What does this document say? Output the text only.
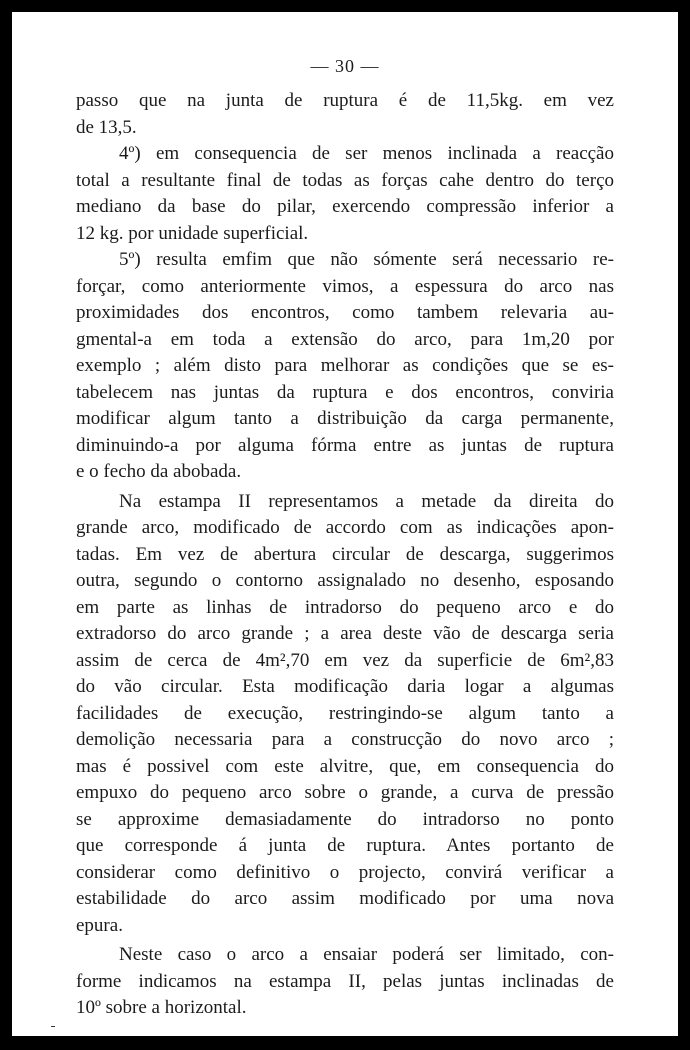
— 30 —
passo que na junta de ruptura é de 11,5kg. em vez
de 13,5.
4º) em consequencia de ser menos inclinada a reacção
total a resultante final de todas as forças cahe dentro do terço
mediano da base do pilar, exercendo compressão inferior a
12 kg. por unidade superficial.
5º) resulta emfim que não sómente será necessario re-
forçar, como anteriormente vimos, a espessura do arco nas
proximidades dos encontros, como tambem relevaria au-
gmental-a em toda a extensão do arco, para 1m,20 por
exemplo ; além disto para melhorar as condições que se es-
tabelecem nas juntas da ruptura e dos encontros, conviria
modificar algum tanto a distribuição da carga permanente,
diminuindo-a por alguma fórma entre as juntas de ruptura
e o fecho da abobada.
Na estampa II representamos a metade da direita do
grande arco, modificado de accordo com as indicações apon-
tadas. Em vez de abertura circular de descarga, suggerimos
outra, segundo o contorno assignalado no desenho, esposando
em parte as linhas de intradorso do pequeno arco e do
extradorso do arco grande ; a area deste vão de descarga seria
assim de cerca de 4m²,70 em vez da superficie de 6m²,83
do vão circular. Esta modificação daria logar a algumas
facilidades de execução, restringindo-se algum tanto a
demolição necessaria para a construcção do novo arco ;
mas é possivel com este alvitre, que, em consequencia do
empuxo do pequeno arco sobre o grande, a curva de pressão
se approxime demasiadamente do intradorso no ponto
que corresponde á junta de ruptura. Antes portanto de
considerar como definitivo o projecto, convirá verificar a
estabilidade do arco assim modificado por uma nova
epura.
Neste caso o arco a ensaiar poderá ser limitado, con-
forme indicamos na estampa II, pelas juntas inclinadas de
10º sobre a horizontal.
